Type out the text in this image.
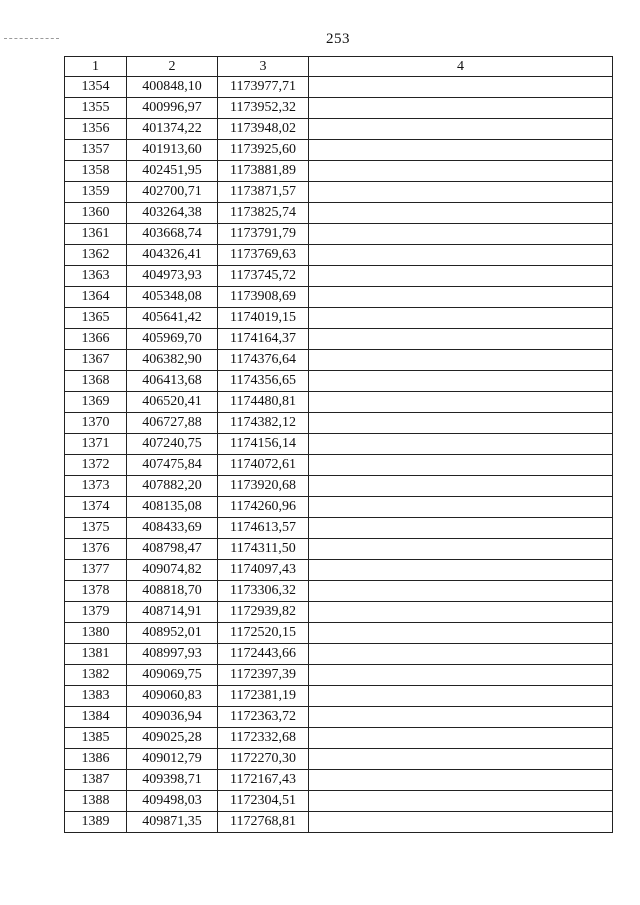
253
1	2	3	4
1354	400848,10	1173977,71	
1355	400996,97	1173952,32	
1356	401374,22	1173948,02	
1357	401913,60	1173925,60	
1358	402451,95	1173881,89	
1359	402700,71	1173871,57	
1360	403264,38	1173825,74	
1361	403668,74	1173791,79	
1362	404326,41	1173769,63	
1363	404973,93	1173745,72	
1364	405348,08	1173908,69	
1365	405641,42	1174019,15	
1366	405969,70	1174164,37	
1367	406382,90	1174376,64	
1368	406413,68	1174356,65	
1369	406520,41	1174480,81	
1370	406727,88	1174382,12	
1371	407240,75	1174156,14	
1372	407475,84	1174072,61	
1373	407882,20	1173920,68	
1374	408135,08	1174260,96	
1375	408433,69	1174613,57	
1376	408798,47	1174311,50	
1377	409074,82	1174097,43	
1378	408818,70	1173306,32	
1379	408714,91	1172939,82	
1380	408952,01	1172520,15	
1381	408997,93	1172443,66	
1382	409069,75	1172397,39	
1383	409060,83	1172381,19	
1384	409036,94	1172363,72	
1385	409025,28	1172332,68	
1386	409012,79	1172270,30	
1387	409398,71	1172167,43	
1388	409498,03	1172304,51	
1389	409871,35	1172768,81	
